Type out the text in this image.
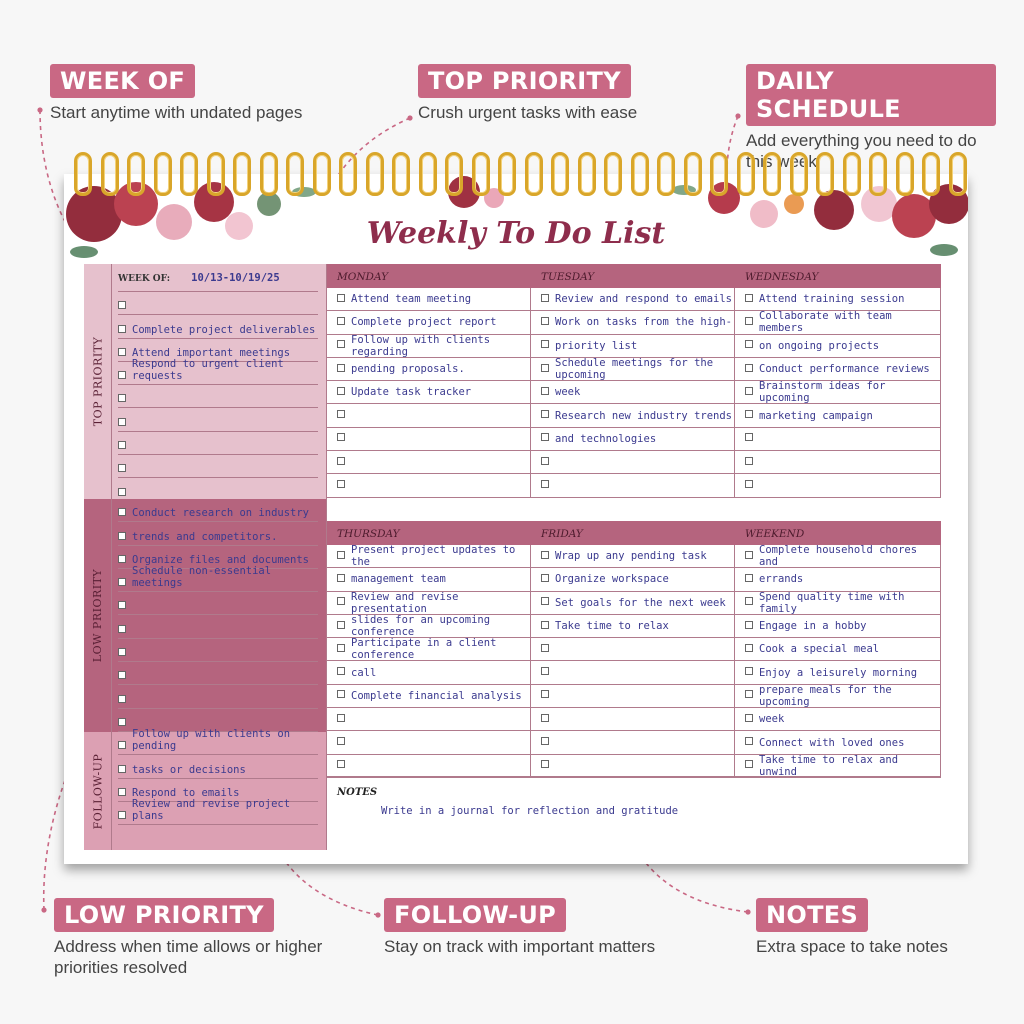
WEEK OF
Start anytime with undated pages
TOP PRIORITY
Crush urgent tasks with ease
DAILY SCHEDULE
Add everything you need to do this week
LOW PRIORITY
Address when time allows or higher priorities resolved
FOLLOW-UP
Stay on track with important matters
NOTES
Extra space to take notes
Weekly To Do List
TOP PRIORITY
WEEK OF: 10/13-10/19/25
Complete project deliverables
Attend important meetings
Respond to urgent client requests
LOW PRIORITY
Conduct research on industry
trends and competitors.
Organize files and documents
Schedule non-essential meetings
FOLLOW-UP
Follow up with clients on pending
tasks or decisions
Respond to emails
Review and revise project plans
MONDAY
Attend team meeting
Complete project report
Follow up with clients regarding
pending proposals.
Update task tracker
TUESDAY
Review and respond to emails
Work on tasks from the high-
priority list
Schedule meetings for the upcoming
week
Research new industry trends
and technologies
WEDNESDAY
Attend training session
Collaborate with team members
on ongoing projects
Conduct performance reviews
Brainstorm ideas for upcoming
marketing campaign
THURSDAY
Present project updates to the
management team
Review and revise presentation
slides for an upcoming conference
Participate in a client conference
call
Complete financial analysis
FRIDAY
Wrap up any pending task
Organize workspace
Set goals for the next week
Take time to relax
WEEKEND
Complete household chores and
errands
Spend quality time with family
Engage in a hobby
Cook a special meal
Enjoy a leisurely morning
prepare meals for the upcoming
week
Connect with loved ones
Take time to relax and unwind
NOTES
Write in a journal for reflection and gratitude
